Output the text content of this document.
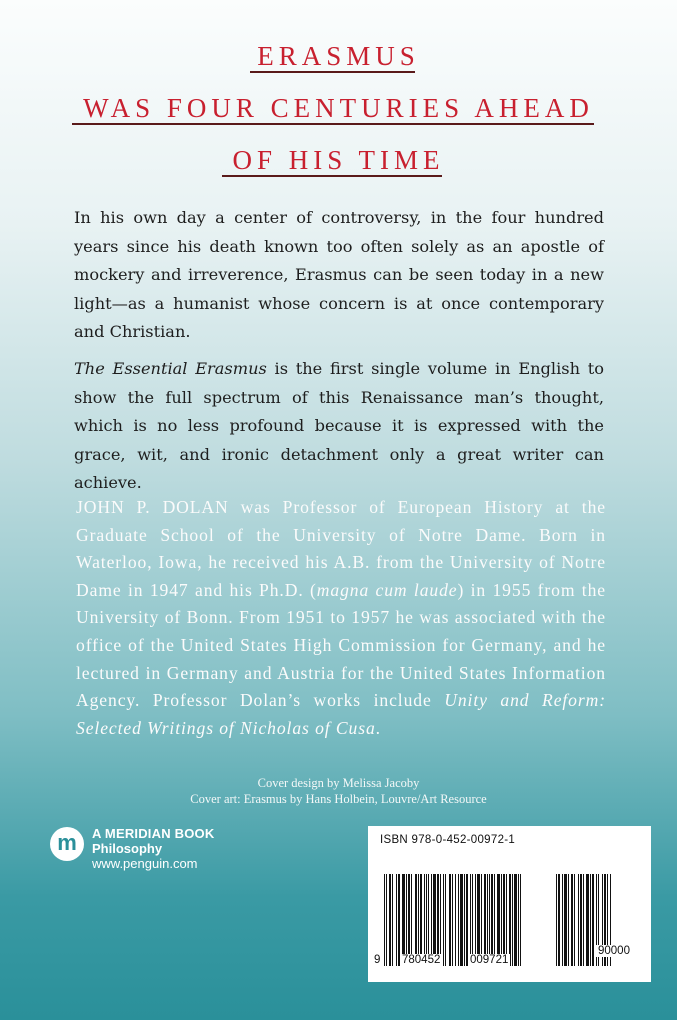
ERASMUS
WAS FOUR CENTURIES AHEAD
OF HIS TIME
In his own day a center of controversy, in the four hundred years since his death known too often solely as an apostle of mockery and irreverence, Erasmus can be seen today in a new light—as a humanist whose concern is at once contemporary and Christian.
The Essential Erasmus is the first single volume in English to show the full spectrum of this Renaissance man’s thought, which is no less profound because it is expressed with the grace, wit, and ironic detachment only a great writer can achieve.
JOHN P. DOLAN was Professor of European History at the Graduate School of the University of Notre Dame. Born in Waterloo, Iowa, he received his A.B. from the University of Notre Dame in 1947 and his Ph.D. (magna cum laude) in 1955 from the University of Bonn. From 1951 to 1957 he was associated with the office of the United States High Commission for Germany, and he lectured in Germany and Austria for the United States Information Agency. Professor Dolan’s works include Unity and Reform: Selected Writings of Nicholas of Cusa.
Cover design by Melissa Jacoby
Cover art: Erasmus by Hans Holbein, Louvre/Art Resource
m	A MERIDIAN BOOK
Philosophy
www.penguin.com
ISBN 978-0-452-00972-1
9 780452	009721
90000
